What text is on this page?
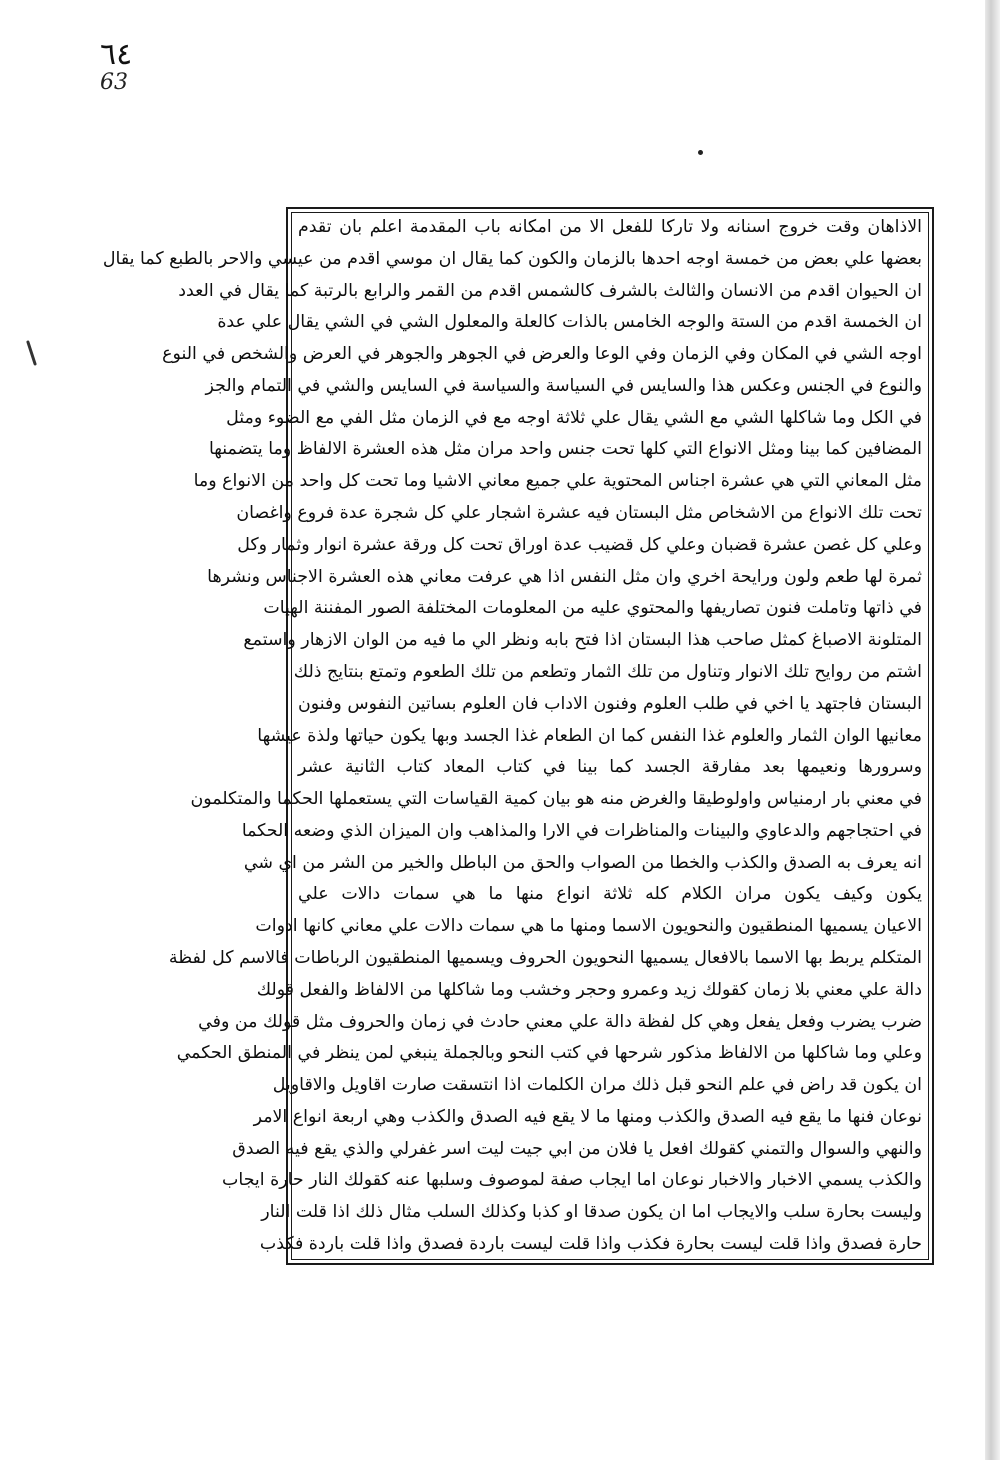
٦٤
63
الاذاهان وقت خروج اسنانه ولا تارکا للفعل الا من امكانه باب المقدمة اعلم بان تقدم
بعضها علي بعض من خمسة اوجه احدها بالزمان والكون كما يقال ان موسي اقدم من عيسي والاحر بالطبع كما يقال
ان الحيوان اقدم من الانسان والثالث بالشرف كالشمس اقدم من القمر والرابع بالرتبة كما يقال في العدد
ان الخمسة اقدم من الستة والوجه الخامس بالذات كالعلة والمعلول الشي في الشي يقال علي عدة
اوجه الشي في المكان وفي الزمان وفي الوعا والعرض في الجوهر والجوهر في العرض والشخص في النوع
والنوع في الجنس وعكس هذا والسايس في السياسة والسياسة في السايس والشي في التمام والجز
في الكل وما شاكلها الشي مع الشي يقال علي ثلاثة اوجه مع في الزمان مثل الفي مع الضوء ومثل
المضافين كما بينا ومثل الانواع التي كلها تحت جنس واحد مران مثل هذه العشرة الالفاظ وما يتضمنها
مثل المعاني التي هي عشرة اجناس المحتوية علي جميع معاني الاشيا وما تحت كل واحد من الانواع وما
تحت تلك الانواع من الاشخاص مثل البستان فيه عشرة اشجار علي كل شجرة عدة فروع واغصان
وعلي كل غصن عشرة قضبان وعلي كل قضيب عدة اوراق تحت كل ورقة عشرة انوار وثمار وكل
ثمرة لها طعم ولون ورايحة اخري وان مثل النفس اذا هي عرفت معاني هذه العشرة الاجناس ونشرها
في ذاتها وتاملت فنون تصاريفها والمحتوي عليه من المعلومات المختلفة الصور المفننة الهيات
المتلونة الاصباغ كمثل صاحب هذا البستان اذا فتح بابه ونظر الي ما فيه من الوان الازهار واستمع
اشتم من روايح تلك الانوار وتناول من تلك الثمار وتطعم من تلك الطعوم وتمتع بنتايج ذلك
البستان فاجتهد يا اخي في طلب العلوم وفنون الاداب فان العلوم بساتين النفوس وفنون
معانيها الوان الثمار والعلوم غذا النفس كما ان الطعام غذا الجسد وبها يكون حياتها ولذة عيشها
وسرورها ونعيمها بعد مفارقة الجسد كما بينا في كتاب المعاد كتاب الثانية عشر
في معني بار ارمنياس واولوطيقا والغرض منه هو بيان كمية القياسات التي يستعملها الحكما والمتكلمون
في احتجاجهم والدعاوي والبينات والمناظرات في الارا والمذاهب وان الميزان الذي وضعه الحكما
انه يعرف به الصدق والكذب والخطا من الصواب والحق من الباطل والخير من الشر من اي شي
يكون وكيف يكون مران الكلام كله ثلاثة انواع منها ما هي سمات دالات علي
الاعيان يسميها المنطقيون والنحويون الاسما ومنها ما هي سمات دالات علي معاني كانها ادوات
المتكلم يربط بها الاسما بالافعال يسميها النحويون الحروف ويسميها المنطقيون الرباطات فالاسم كل لفظة
دالة علي معني بلا زمان كقولك زيد وعمرو وحجر وخشب وما شاكلها من الالفاظ والفعل قولك
ضرب يضرب وفعل يفعل وهي كل لفظة دالة علي معني حادث في زمان والحروف مثل قولك من وفي
وعلي وما شاكلها من الالفاظ مذكور شرحها في كتب النحو وبالجملة ينبغي لمن ينظر في المنطق الحكمي
ان يكون قد راض في علم النحو قبل ذلك مران الكلمات اذا انتسقت صارت اقاويل والاقاويل
نوعان فنها ما يقع فيه الصدق والكذب ومنها ما لا يقع فيه الصدق والكذب وهي اربعة انواع الامر
والنهي والسوال والتمني كقولك افعل يا فلان من ابي جيت ليت اسر غفرلي والذي يقع فيه الصدق
والكذب يسمي الاخبار والاخبار نوعان اما ايجاب صفة لموصوف وسلبها عنه كقولك النار حارة ايجاب
وليست بحارة سلب والايجاب اما ان يكون صدقا او كذبا وكذلك السلب مثال ذلك اذا قلت النار
حارة فصدق واذا قلت ليست بحارة فكذب واذا قلت ليست باردة فصدق واذا قلت باردة فكذب
